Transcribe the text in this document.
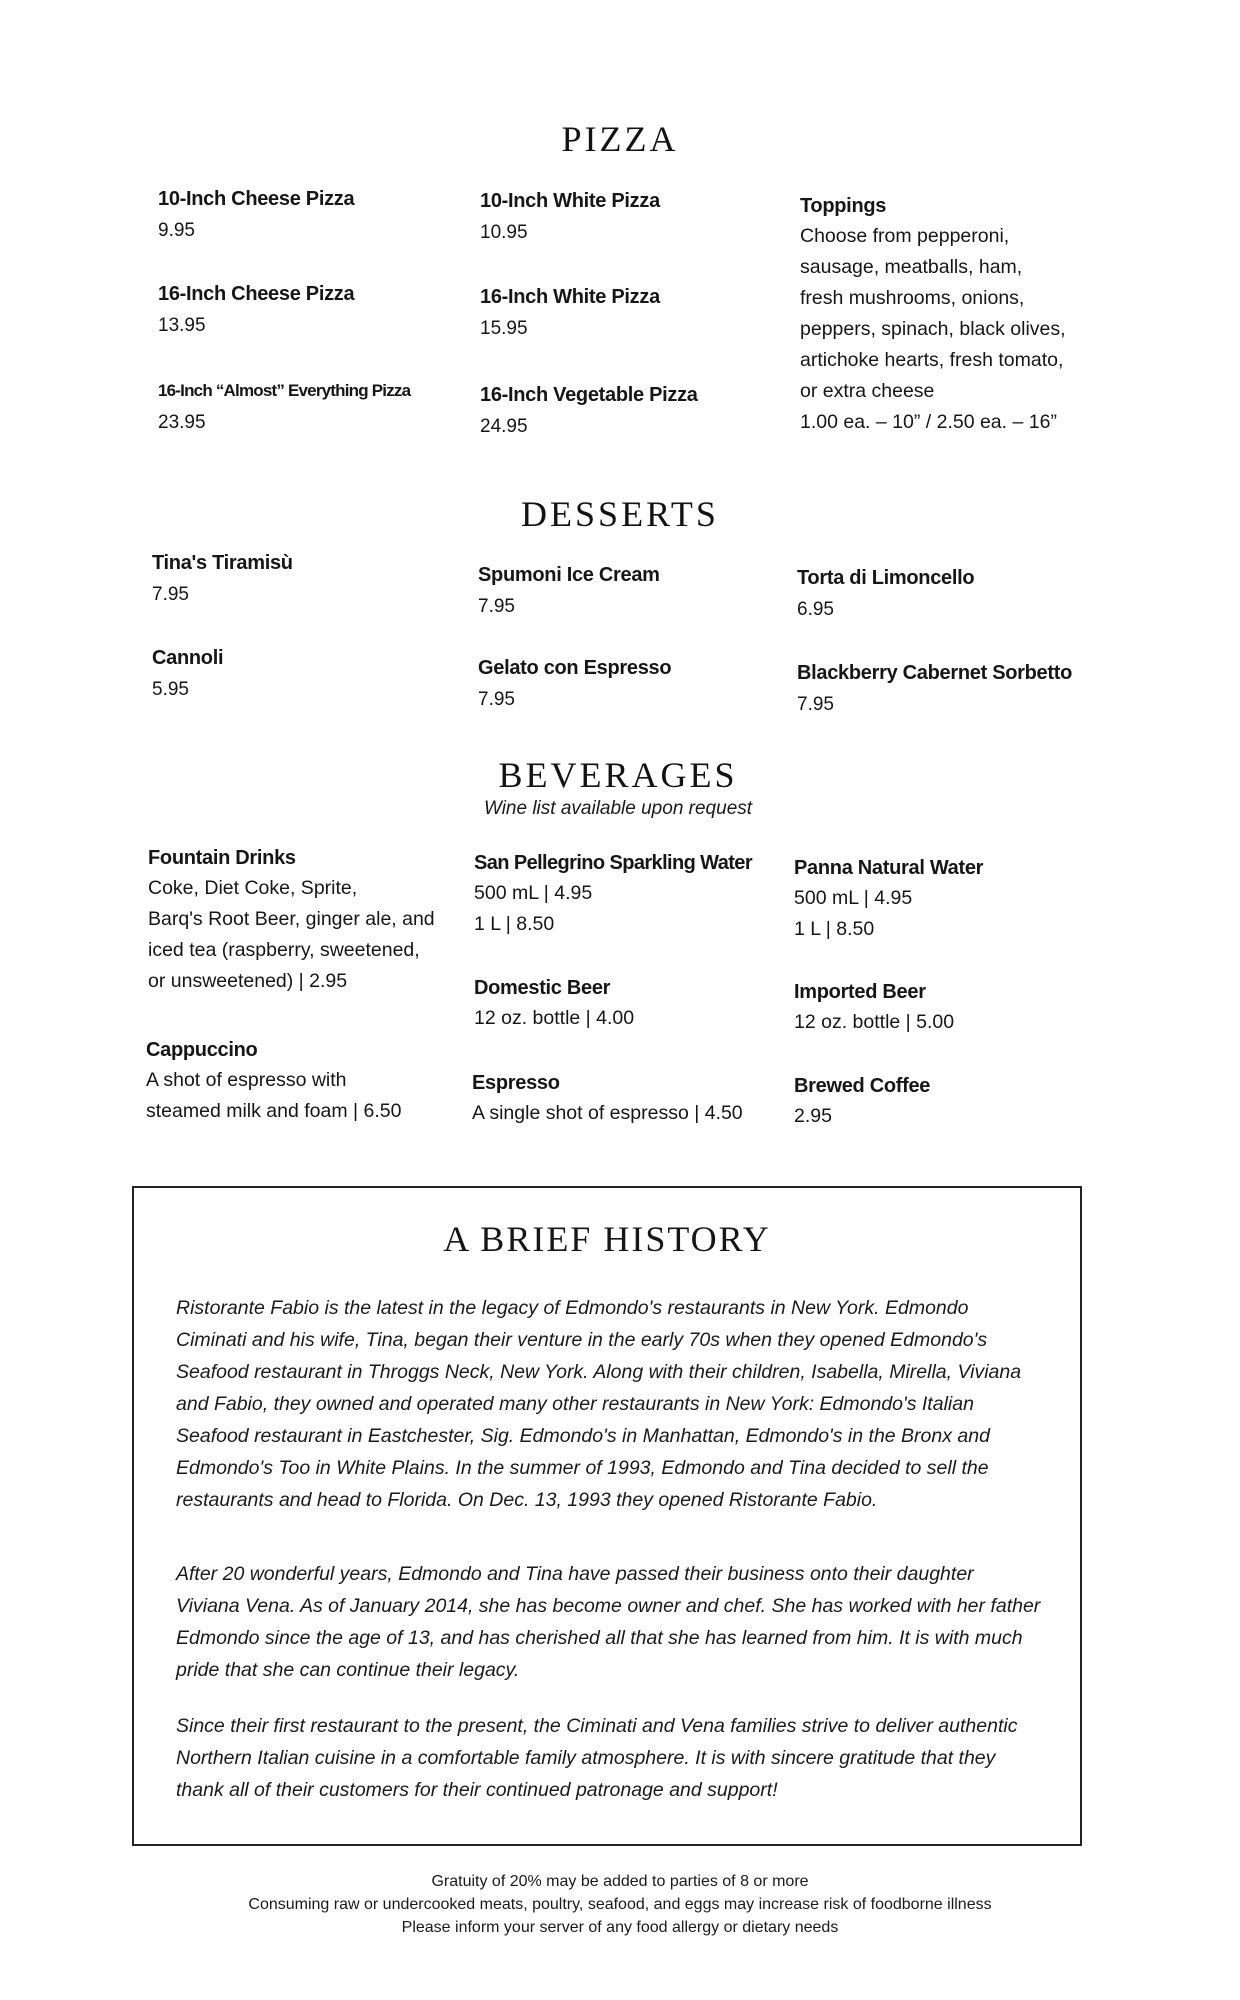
PIZZA
10-Inch Cheese Pizza
9.95
16-Inch Cheese Pizza
13.95
16-Inch “Almost” Everything Pizza
23.95
10-Inch White Pizza
10.95
16-Inch White Pizza
15.95
16-Inch Vegetable Pizza
24.95
Toppings
Choose from pepperoni,
sausage, meatballs, ham,
fresh mushrooms, onions,
peppers, spinach, black olives,
artichoke hearts, fresh tomato,
or extra cheese
1.00 ea. – 10” / 2.50 ea. – 16”
DESSERTS
Tina's Tiramisù
7.95
Cannoli
5.95
Spumoni Ice Cream
7.95
Gelato con Espresso
7.95
Torta di Limoncello
6.95
Blackberry Cabernet Sorbetto
7.95
BEVERAGES
Wine list available upon request
Fountain Drinks
Coke, Diet Coke, Sprite,
Barq's Root Beer, ginger ale, and
iced tea (raspberry, sweetened,
or unsweetened) | 2.95
Cappuccino
A shot of espresso with
steamed milk and foam | 6.50
San Pellegrino Sparkling Water
500 mL | 4.95
1 L | 8.50
Domestic Beer
12 oz. bottle | 4.00
Espresso
A single shot of espresso | 4.50
Panna Natural Water
500 mL | 4.95
1 L | 8.50
Imported Beer
12 oz. bottle | 5.00
Brewed Coffee
2.95
A BRIEF HISTORY

Ristorante Fabio is the latest in the legacy of Edmondo's restaurants in New York. Edmondo Ciminati and his wife, Tina, began their venture in the early 70s when they opened Edmondo's Seafood restaurant in Throggs Neck, New York. Along with their children, Isabella, Mirella, Viviana and Fabio, they owned and operated many other restaurants in New York: Edmondo's Italian Seafood restaurant in Eastchester, Sig. Edmondo's in Manhattan, Edmondo's in the Bronx and Edmondo's Too in White Plains. In the summer of 1993, Edmondo and Tina decided to sell the restaurants and head to Florida. On Dec. 13, 1993 they opened Ristorante Fabio.

After 20 wonderful years, Edmondo and Tina have passed their business onto their daughter Viviana Vena. As of January 2014, she has become owner and chef. She has worked with her father Edmondo since the age of 13, and has cherished all that she has learned from him. It is with much pride that she can continue their legacy.

Since their first restaurant to the present, the Ciminati and Vena families strive to deliver authentic Northern Italian cuisine in a comfortable family atmosphere. It is with sincere gratitude that they thank all of their customers for their continued patronage and support!

Gratuity of 20% may be added to parties of 8 or more
Consuming raw or undercooked meats, poultry, seafood, and eggs may increase risk of foodborne illness
Please inform your server of any food allergy or dietary needs
